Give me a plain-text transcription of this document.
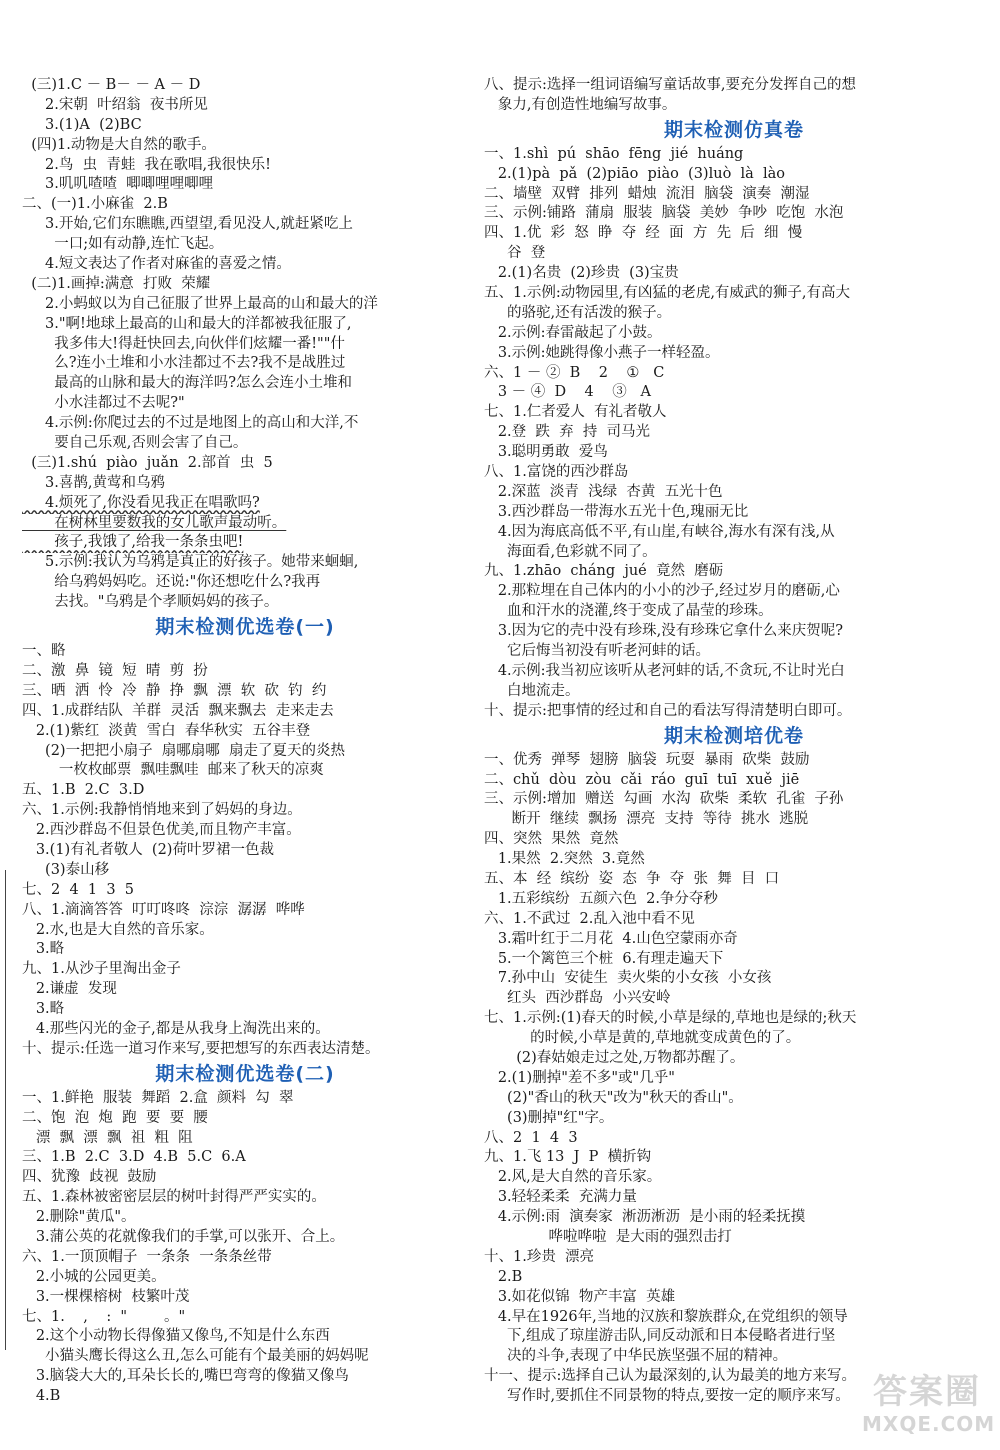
(三)1.C － B－ － A － D
2.宋朝  叶绍翁  夜书所见
3.(1)A  (2)BC
(四)1.动物是大自然的歌手。
2.鸟  虫  青蛙  我在歌唱,我很快乐!
3.叽叽喳喳  唧唧哩哩唧哩
二、(一)1.小麻雀  2.B
3.开始,它们东瞧瞧,西望望,看见没人,就赶紧吃上
一口;如有动静,连忙飞起。
4.短文表达了作者对麻雀的喜爱之情。
(二)1.画掉:满意  打败  荣耀
2.小蚂蚁以为自己征服了世界上最高的山和最大的洋
3."啊!地球上最高的山和最大的洋都被我征服了,
我多伟大!得赶快回去,向伙伴们炫耀一番!""什
么?连小土堆和小水洼都过不去?我不是战胜过
最高的山脉和最大的海洋吗?怎么会连小土堆和
小水洼都过不去呢?"
4.示例:你爬过去的不过是地图上的高山和大洋,不
要自己乐观,否则会害了自己。
(三)1.shú  piào  juǎn  2.部首  虫  5
3.喜鹊,黄莺和乌鸦
4.烦死了,你没看见我正在唱歌吗?
在树林里要数我的女儿歌声最动听。
孩子,我饿了,给我一条条虫吧!
5.示例:我认为乌鸦是真正的好孩子。她带来蛔蛔,
给乌鸦妈妈吃。还说:"你还想吃什么?我再
去找。"乌鸦是个孝顺妈妈的孩子。
期末检测优选卷(一)
一、略
二、激  鼻  镜  短  晴  剪  扮
三、晒  洒  怜  冷  静  挣  飘  漂  软  砍  钓  约
四、1.成群结队  羊群  灵活  飘来飘去  走来走去
2.(1)紫红  淡黄  雪白  春华秋实  五谷丰登
(2)一把把小扇子  扇哪扇哪  扇走了夏天的炎热
一枚枚邮票  飘哇飘哇  邮来了秋天的凉爽
五、1.B  2.C  3.D
六、1.示例:我静悄悄地来到了妈妈的身边。
2.西沙群岛不但景色优美,而且物产丰富。
3.(1)有礼者敬人  (2)荷叶罗裙一色裁
(3)泰山移
七、2  4  1  3  5
八、1.滴滴答答  叮叮咚咚  淙淙  潺潺  哗哗
2.水,也是大自然的音乐家。
3.略
九、1.从沙子里淘出金子
2.谦虚  发现
3.略
4.那些闪光的金子,都是从我身上淘洗出来的。
十、提示:任选一道习作来写,要把想写的东西表达清楚。
期末检测优选卷(二)
一、1.鲜艳  服装  舞蹈  2.盒  颜料  勾  翠
二、饱  泡  炮  跑  要  要  腰
漂  飘  漂  飘  祖  粗  阻
三、1.B  2.C  3.D  4.B  5.C  6.A
四、犹豫  歧视  鼓励
五、1.森林被密密层层的树叶封得严严实实的。
2.删除"黄瓜"。
3.蒲公英的花就像我们的手掌,可以张开、合上。
六、1.一顶顶帽子  一条条  一条条丝带
2.小城的公园更美。
3.一棵棵榕树  枝繁叶茂
七、1.    ,    :  "        。"
2.这个小动物长得像猫又像鸟,不知是什么东西
小猫头鹰长得这么丑,怎么可能有个最美丽的妈妈呢
3.脑袋大大的,耳朵长长的,嘴巴弯弯的像猫又像鸟
4.B
八、提示:选择一组词语编写童话故事,要充分发挥自己的想
象力,有创造性地编写故事。
期末检测仿真卷
一、1.shì  pú  shāo  fēng  jié  huáng
2.(1)pà  pǎ  (2)piāo  piào  (3)luò  là  lào
二、墙壁  双臂  排列  蜡烛  流泪  脑袋  演奏  潮湿
三、示例:铺路  蒲扇  服装  脑袋  美妙  争吵  吃饱  水泡
四、1.优  彩  怒  睁  夺  经  面  方  先  后  细  慢
谷  登
2.(1)名贵  (2)珍贵  (3)宝贵
五、1.示例:动物园里,有凶猛的老虎,有威武的狮子,有高大
的骆驼,还有活泼的猴子。
2.示例:春雷敲起了小鼓。
3.示例:她跳得像小燕子一样轻盈。
六、1 － ②  B    2    ①   C
3 － ④  D    4    ③   A
七、1.仁者爱人  有礼者敬人
2.登  跌  弃  持  司马光
3.聪明勇敢  爱鸟
八、1.富饶的西沙群岛
2.深蓝  淡青  浅绿  杏黄  五光十色
3.西沙群岛一带海水五光十色,瑰丽无比
4.因为海底高低不平,有山崖,有峡谷,海水有深有浅,从
海面看,色彩就不同了。
九、1.zhāo  cháng  jué  竟然  磨砺
2.那粒埋在自己体内的小小的沙子,经过岁月的磨砺,心
血和汗水的浇灌,终于变成了晶莹的珍珠。
3.因为它的壳中没有珍珠,没有珍珠它拿什么来庆贺呢?
它后悔当初没有听老河蚌的话。
4.示例:我当初应该听从老河蚌的话,不贪玩,不让时光白
白地流走。
十、提示:把事情的经过和自己的看法写得清楚明白即可。
期末检测培优卷
一、优秀  弹琴  翅膀  脑袋  玩耍  暴雨  砍柴  鼓励
二、chǔ  dòu  zòu  cǎi  ráo  guī  tuī  xuě  jiē
三、示例:增加  赠送  勾画  水沟  砍柴  柔软  孔雀  子孙
断开  继续  飘扬  漂亮  支持  等待  挑水  逃脱
四、突然  果然  竟然
1.果然  2.突然  3.竟然
五、本  经  缤纷  姿  态  争  夺  张  舞  目  口
1.五彩缤纷  五颜六色  2.争分夺秒
六、1.不武过  2.乱入池中看不见
3.霜叶红于二月花  4.山色空蒙雨亦奇
5.一个篱笆三个桩  6.有理走遍天下
7.孙中山  安徒生  卖火柴的小女孩  小女孩
红头  西沙群岛  小兴安岭
七、1.示例:(1)春天的时候,小草是绿的,草地也是绿的;秋天
的时候,小草是黄的,草地就变成黄色的了。
(2)春姑娘走过之处,万物都苏醒了。
2.(1)删掉"差不多"或"几乎"
(2)"香山的秋天"改为"秋天的香山"。
(3)删掉"红"字。
八、2  1  4  3
九、1.飞 13  J  P  横折钩
2.风,是大自然的音乐家。
3.轻轻柔柔  充满力量
4.示例:雨  演奏家  淅沥淅沥  是小雨的轻柔抚摸
哗啦哗啦  是大雨的强烈击打
十、1.珍贵  漂亮
2.B
3.如花似锦  物产丰富  英雄
4.早在1926年,当地的汉族和黎族群众,在党组织的领导
下,组成了琼崖游击队,同反动派和日本侵略者进行坚
决的斗争,表现了中华民族坚强不屈的精神。
十一、提示:选择自己认为最深刻的,认为最美的地方来写。
写作时,要抓住不同景物的特点,要按一定的顺序来写。 答案圈
MXQE.COM
